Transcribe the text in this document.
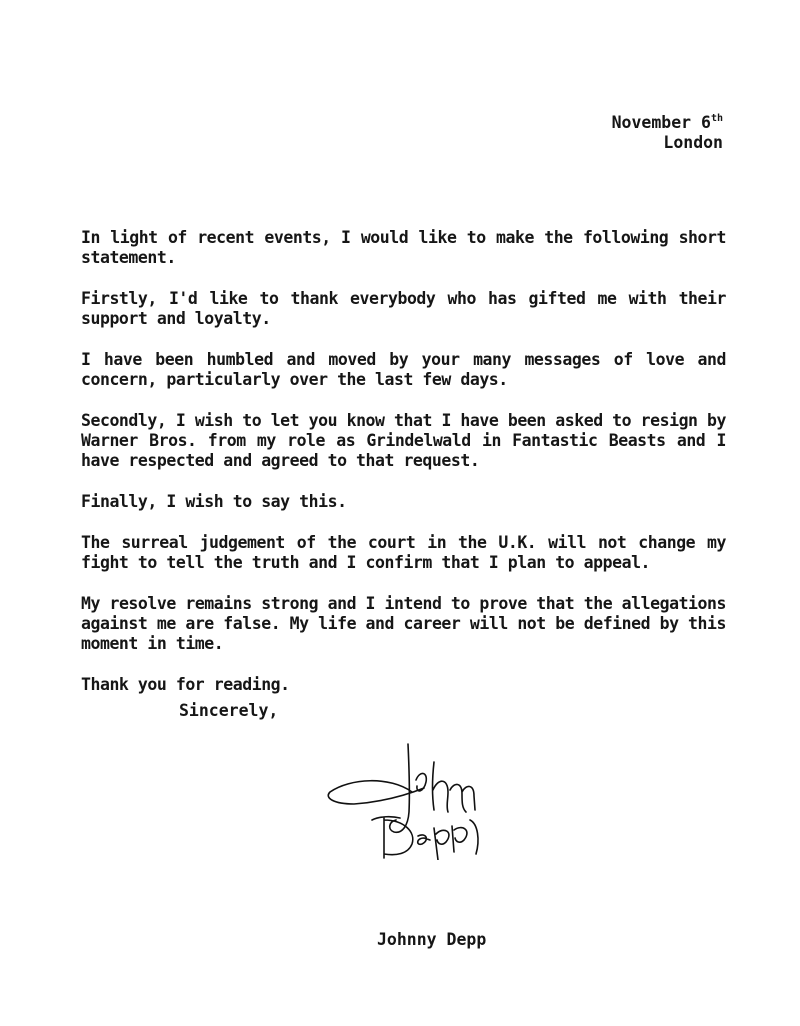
November 6th
London

In light of recent events, I would like to make the following short statement.

Firstly, I'd like to thank everybody who has gifted me with their support and loyalty.

I have been humbled and moved by your many messages of love and concern, particularly over the last few days.

Secondly, I wish to let you know that I have been asked to resign by Warner Bros. from my role as Grindelwald in Fantastic Beasts and I have respected and agreed to that request.

Finally, I wish to say this.

The surreal judgement of the court in the U.K. will not change my fight to tell the truth and I confirm that I plan to appeal.

My resolve remains strong and I intend to prove that the allegations against me are false. My life and career will not be defined by this moment in time.

Thank you for reading.

Sincerely,
Johnny Depp
